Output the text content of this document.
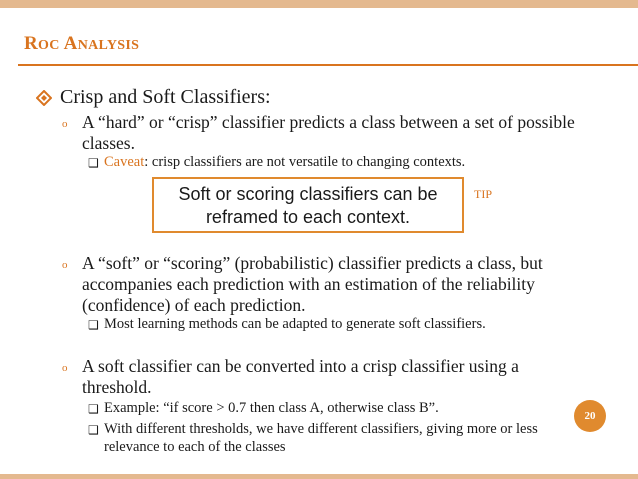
ROC ANALYSIS
Crisp and Soft Classifiers:
o A “hard” or “crisp” classifier predicts a class between a set of possible classes.
❑ Caveat: crisp classifiers are not versatile to changing contexts.
Soft or scoring classifiers can be reframed to each context.
TIP
o A “soft” or “scoring” (probabilistic) classifier predicts a class, but accompanies each prediction with an estimation of the reliability (confidence) of each prediction.
❑ Most learning methods can be adapted to generate soft classifiers.
o A soft classifier can be converted into a crisp classifier using a threshold.
❑ Example: “if score > 0.7 then class A, otherwise class B”.
❑ With different thresholds, we have different classifiers, giving more or less relevance to each of the classes
20
